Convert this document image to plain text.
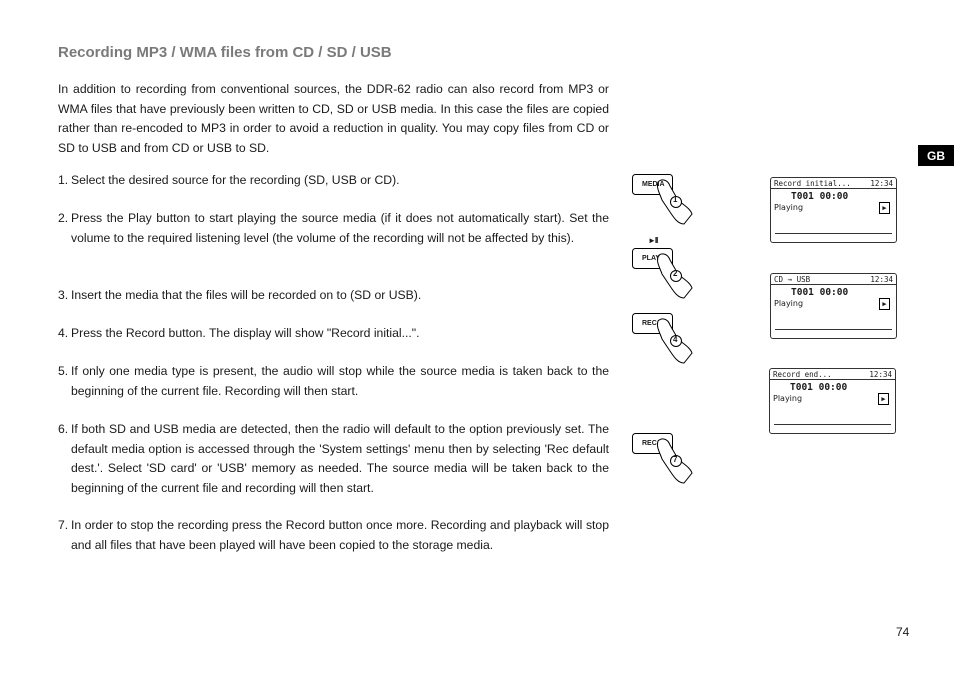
Recording MP3 / WMA files from CD / SD / USB

In addition to recording from conventional sources, the DDR-62 radio can also record from MP3 or WMA files that have previously been written to CD, SD or USB media. In this case the files are copied rather than re-encoded to MP3 in order to avoid a reduction in quality. You may copy files from CD or SD to USB and from CD or USB to SD.

1. Select the desired source for the recording (SD, USB or CD).
2. Press the Play button to start playing the source media (if it does not automatically start). Set the volume to the required listening level (the volume of the recording will not be affected by this).
3. Insert the media that the files will be recorded on to (SD or USB).
4. Press the Record button. The display will show "Record initial...".
5. If only one media type is present, the audio will stop while the source media is taken back to the beginning of the current file. Recording will then start.
6. If both SD and USB media are detected, then the radio will default to the option previously set. The default media option is accessed through the 'System settings' menu then by selecting 'Rec default dest.'. Select 'SD card' or 'USB' memory as needed. The source media will be taken back to the beginning of the current file and recording will then start.
7. In order to stop the recording press the Record button once more. Recording and playback will stop and all files that have been played will have been copied to the storage media.
GB
74
MEDIA
1
►II
PLAY
2
REC
4
REC
7
Record initial...	12:34
T001 00:00
Playing	▶
CD → USB	12:34
T001 00:00
Playing	▶
Record end...	12:34
T001 00:00
Playing	▶
